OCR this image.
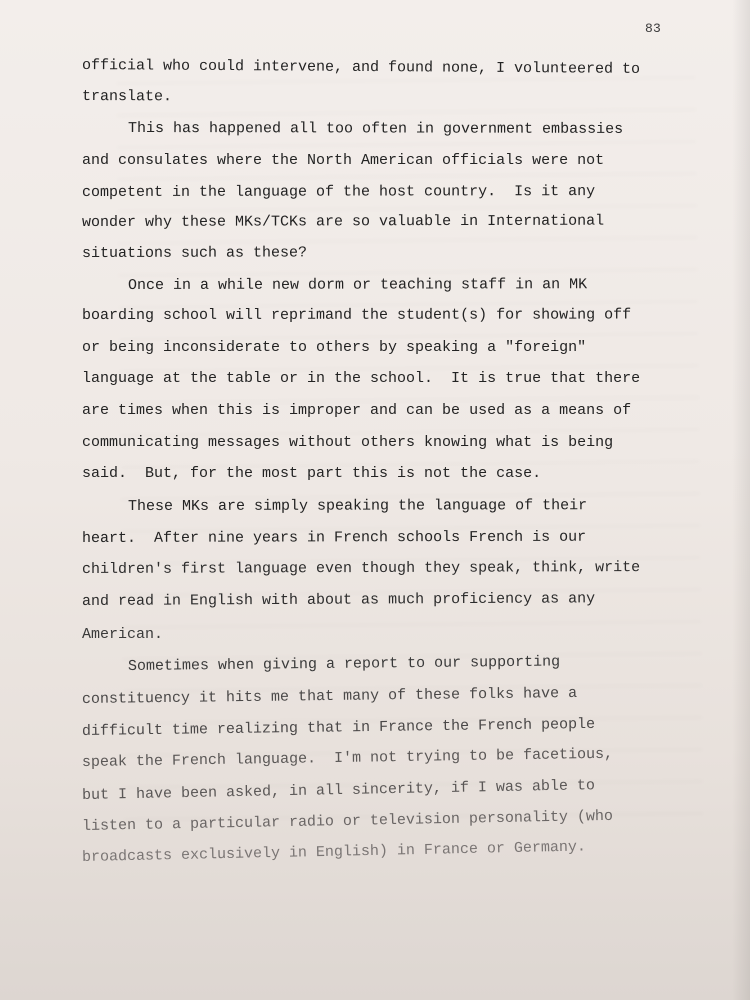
83
official who could intervene, and found none, I volunteered to
translate.
This has happened all too often in government embassies
and consulates where the North American officials were not
competent in the language of the host country.  Is it any
wonder why these MKs/TCKs are so valuable in International
situations such as these?
Once in a while new dorm or teaching staff in an MK
boarding school will reprimand the student(s) for showing off
or being inconsiderate to others by speaking a "foreign"
language at the table or in the school.  It is true that there
are times when this is improper and can be used as a means of
communicating messages without others knowing what is being
said.  But, for the most part this is not the case.
These MKs are simply speaking the language of their
heart.  After nine years in French schools French is our
children's first language even though they speak, think, write
and read in English with about as much proficiency as any
American.
Sometimes when giving a report to our supporting
constituency it hits me that many of these folks have a
difficult time realizing that in France the French people
speak the French language.  I'm not trying to be facetious,
but I have been asked, in all sincerity, if I was able to
listen to a particular radio or television personality (who
broadcasts exclusively in English) in France or Germany.
